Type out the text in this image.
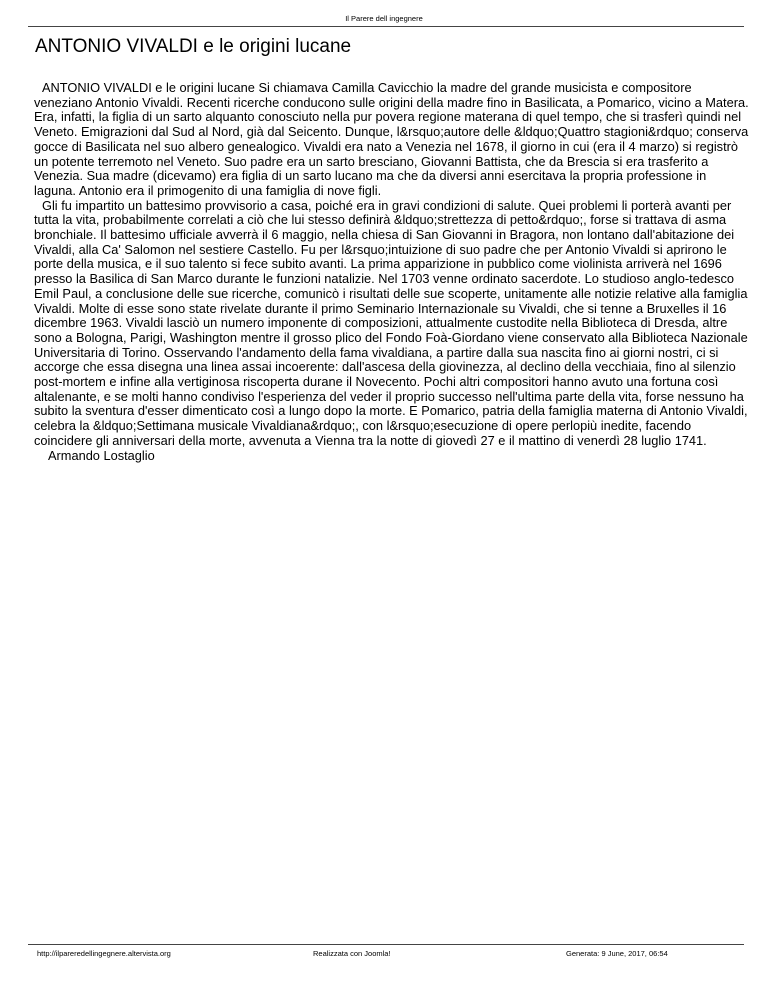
Il Parere dell ingegnere
ANTONIO VIVALDI e le origini lucane

ANTONIO VIVALDI e le origini lucane Si chiamava Camilla Cavicchio la madre del grande musicista e compositore veneziano Antonio Vivaldi. Recenti ricerche conducono sulle origini della madre fino in Basilicata, a Pomarico, vicino a Matera. Era, infatti, la figlia di un sarto alquanto conosciuto nella pur povera regione materana di quel tempo, che si trasferì quindi nel Veneto. Emigrazioni dal Sud al Nord, già dal Seicento. Dunque, l&rsquo;autore delle &ldquo;Quattro stagioni&rdquo; conserva gocce di Basilicata nel suo albero genealogico. Vivaldi era nato a Venezia nel 1678, il giorno in cui (era il 4 marzo) si registrò un potente terremoto nel Veneto. Suo padre era un sarto bresciano, Giovanni Battista, che da Brescia si era trasferito a Venezia. Sua madre (dicevamo) era figlia di un sarto lucano ma che da diversi anni esercitava la propria professione in laguna. Antonio era il primogenito di una famiglia di nove figli.

Gli fu impartito un battesimo provvisorio a casa, poiché era in gravi condizioni di salute. Quei problemi li porterà avanti per tutta la vita, probabilmente correlati a ciò che lui stesso definirà &ldquo;strettezza di petto&rdquo;, forse si trattava di asma bronchiale. Il battesimo ufficiale avverrà il 6 maggio, nella chiesa di San Giovanni in Bragora, non lontano dall'abitazione dei Vivaldi, alla Ca' Salomon nel sestiere Castello. Fu per l&rsquo;intuizione di suo padre che per Antonio Vivaldi si aprirono le porte della musica, e il suo talento si fece subito avanti. La prima apparizione in pubblico come violinista arriverà nel 1696 presso la Basilica di San Marco durante le funzioni natalizie. Nel 1703 venne ordinato sacerdote. Lo studioso anglo-tedesco Emil Paul, a conclusione delle sue ricerche, comunicò i risultati delle sue scoperte, unitamente alle notizie relative alla famiglia Vivaldi. Molte di esse sono state rivelate durante il primo Seminario Internazionale su Vivaldi, che si tenne a Bruxelles il 16 dicembre 1963. Vivaldi lasciò un numero imponente di composizioni, attualmente custodite nella Biblioteca di Dresda, altre sono a Bologna, Parigi, Washington mentre il grosso plico del Fondo Foà-Giordano viene conservato alla Biblioteca Nazionale Universitaria di Torino. Osservando l'andamento della fama vivaldiana, a partire dalla sua nascita fino ai giorni nostri, ci si accorge che essa disegna una linea assai incoerente: dall'ascesa della giovinezza, al declino della vecchiaia, fino al silenzio post-mortem e infine alla vertiginosa riscoperta durane il Novecento. Pochi altri compositori hanno avuto una fortuna così altalenante, e se molti hanno condiviso l'esperienza del veder il proprio successo nell'ultima parte della vita, forse nessuno ha subito la sventura d'esser dimenticato così a lungo dopo la morte. E Pomarico, patria della famiglia materna di Antonio Vivaldi, celebra la &ldquo;Settimana musicale Vivaldiana&rdquo;, con l&rsquo;esecuzione di opere perlopiù inedite, facendo coincidere gli anniversari della morte, avvenuta a Vienna tra la notte di giovedì 27 e il mattino di venerdì 28 luglio 1741.

Armando Lostaglio

http://ilpareredellingegnere.altervista.org	Realizzata con Joomla!	Generata: 9 June, 2017, 06:54
